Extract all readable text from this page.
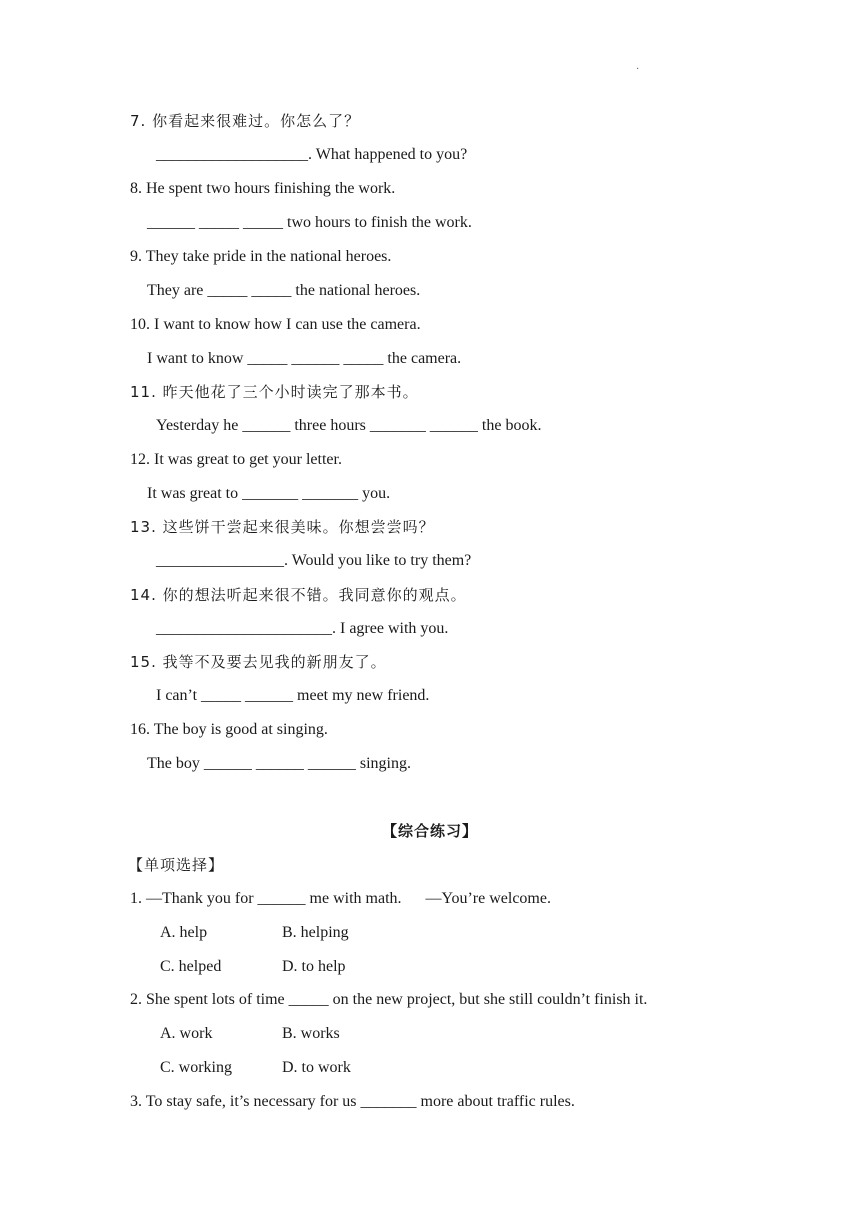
·
7. 你看起来很难过。你怎么了？
___________________. What happened to you?
8. He spent two hours finishing the work.
______ _____ _____ two hours to finish the work.
9. They take pride in the national heroes.
They are _____ _____ the national heroes.
10. I want to know how I can use the camera.
I want to know _____ ______ _____ the camera.
11. 昨天他花了三个小时读完了那本书。
Yesterday he ______ three hours _______ ______ the book.
12. It was great to get your letter.
It was great to _______ _______ you.
13. 这些饼干尝起来很美味。你想尝尝吗？
________________. Would you like to try them?
14. 你的想法听起来很不错。我同意你的观点。
______________________. I agree with you.
15. 我等不及要去见我的新朋友了。
I can’t _____ ______ meet my new friend.
16. The boy is good at singing.
The boy ______ ______ ______ singing.
【综合练习】
【单项选择】
1. —Thank you for ______ me with math.      —You’re welcome.
A. help	B. helping
C. helped	D. to help
2. She spent lots of time _____ on the new project, but she still couldn’t finish it.
A. work	B. works
C. working	D. to work
3. To stay safe, it’s necessary for us _______ more about traffic rules.
